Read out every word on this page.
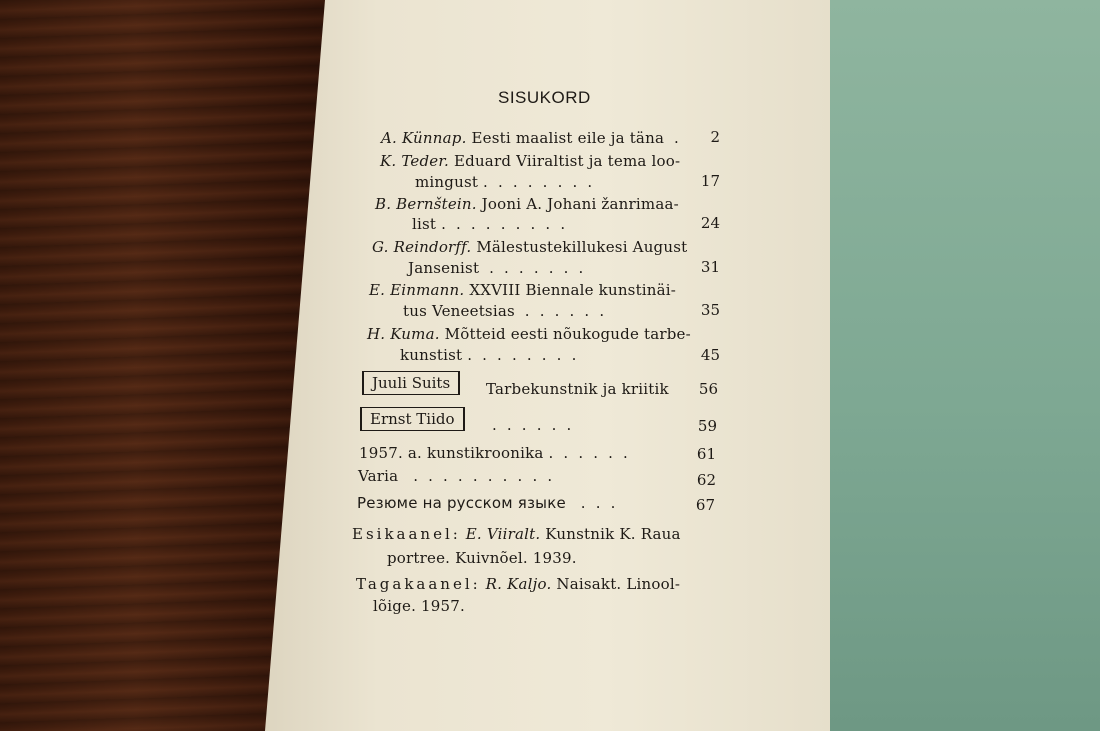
SISUKORD
A. Künnap. Eesti maalist eile ja täna  .	2
K. Teder. Eduard Viiraltist ja tema loo-
mingust .  .  .  .  .  .  .  .	17
B. Bernštein. Jooni A. Johani žanrimaa-
list .  .  .  .  .  .  .  .  .	24
G. Reindorff. Mälestustekillukesi August
Jansenist  .  .  .  .  .  .  .	31
E. Einmann. XXVIII Biennale kunstinäi-
tus Veneetsias  .  .  .  .  .  .	35
H. Kuma. Mõtteid eesti nõukogude tarbe-
kunstist .  .  .  .  .  .  .  .	45
Juuli Suits	Tarbekunstnik ja kriitik	56
Ernst Tiido	.  .  .  .  .  .	59
1957. a. kunstikroonika .  .  .  .  .  .	61
Varia   .  .  .  .  .  .  .  .  .  .	62
Резюме на русском языке   .  .  .	67
Esikaanel: E. Viiralt. Kunstnik K. Raua
portree. Kuivnõel. 1939.
Tagakaanel: R. Kaljo. Naisakt. Linool-
lõige. 1957.
